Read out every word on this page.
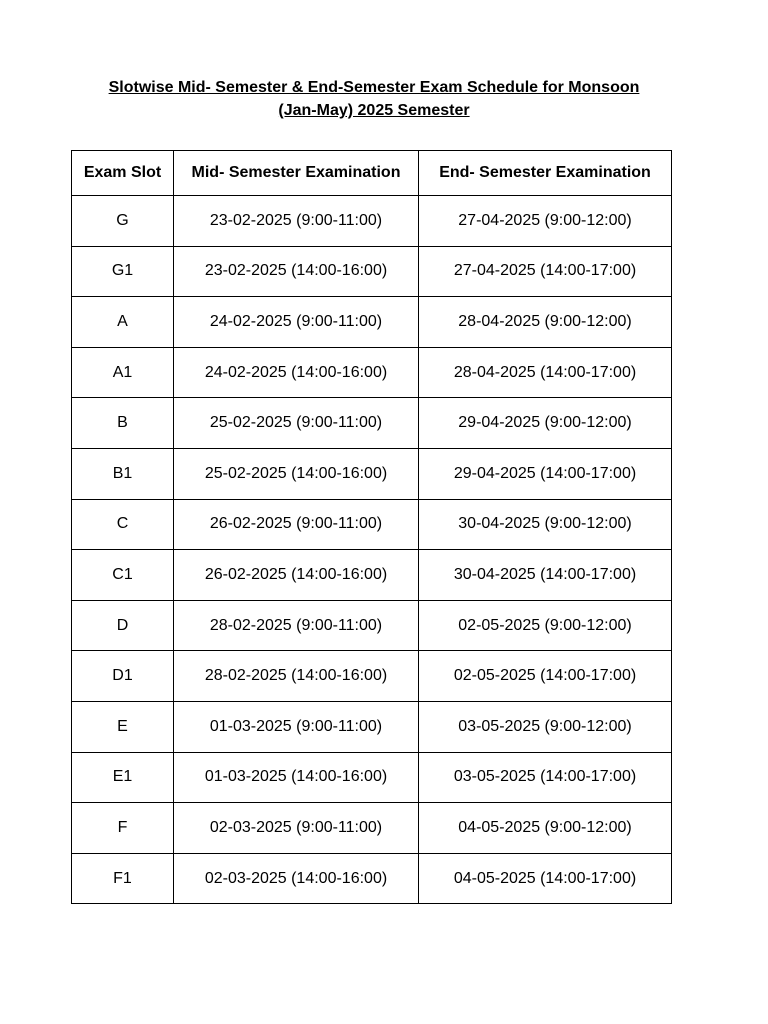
Slotwise Mid- Semester & End-Semester Exam Schedule for Monsoon
(Jan-May) 2025 Semester
Exam Slot	Mid- Semester Examination	End- Semester Examination
G	23-02-2025 (9:00-11:00)	27-04-2025 (9:00-12:00)
G1	23-02-2025 (14:00-16:00)	27-04-2025 (14:00-17:00)
A	24-02-2025 (9:00-11:00)	28-04-2025 (9:00-12:00)
A1	24-02-2025 (14:00-16:00)	28-04-2025 (14:00-17:00)
B	25-02-2025 (9:00-11:00)	29-04-2025 (9:00-12:00)
B1	25-02-2025 (14:00-16:00)	29-04-2025 (14:00-17:00)
C	26-02-2025 (9:00-11:00)	30-04-2025 (9:00-12:00)
C1	26-02-2025 (14:00-16:00)	30-04-2025 (14:00-17:00)
D	28-02-2025 (9:00-11:00)	02-05-2025 (9:00-12:00)
D1	28-02-2025 (14:00-16:00)	02-05-2025 (14:00-17:00)
E	01-03-2025 (9:00-11:00)	03-05-2025 (9:00-12:00)
E1	01-03-2025 (14:00-16:00)	03-05-2025 (14:00-17:00)
F	02-03-2025 (9:00-11:00)	04-05-2025 (9:00-12:00)
F1	02-03-2025 (14:00-16:00)	04-05-2025 (14:00-17:00)
